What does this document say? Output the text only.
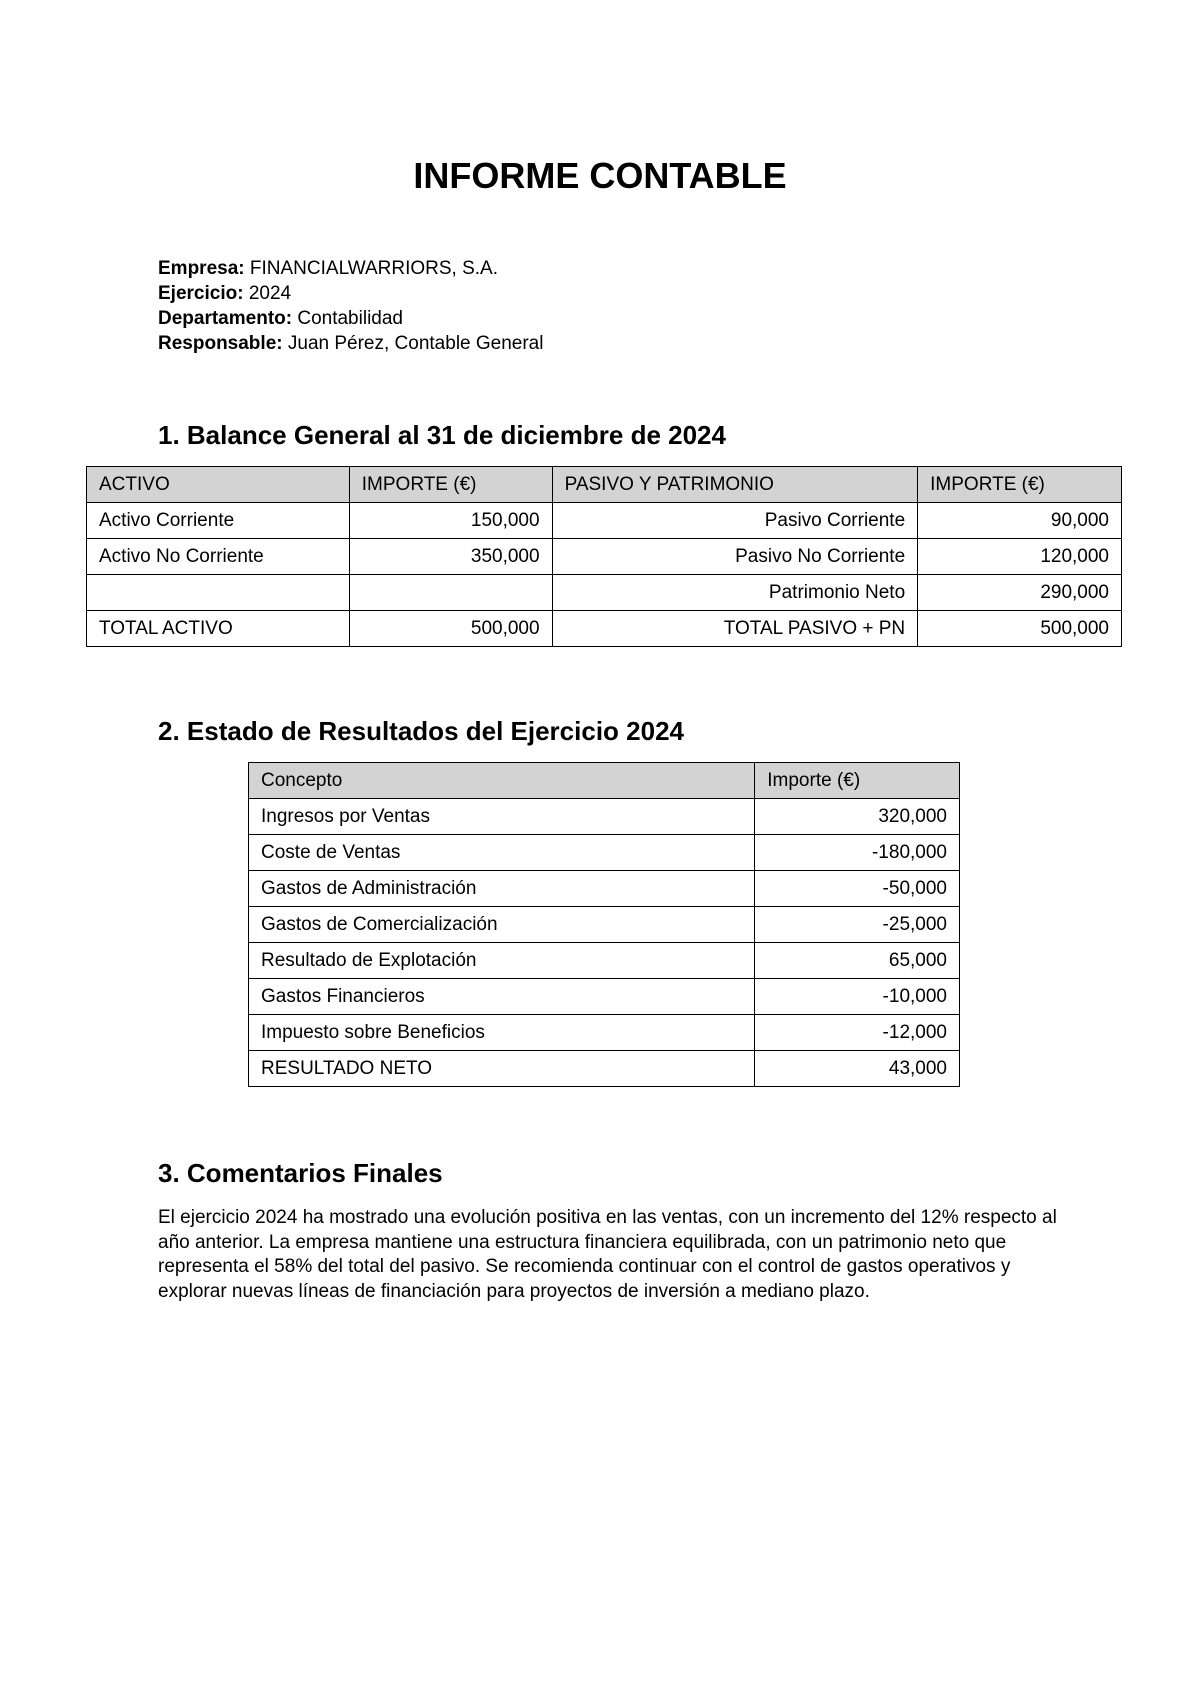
INFORME CONTABLE
Empresa: FINANCIALWARRIORS, S.A.
Ejercicio: 2024
Departamento: Contabilidad
Responsable: Juan Pérez, Contable General
1. Balance General al 31 de diciembre de 2024
ACTIVO	IMPORTE (€)	PASIVO Y PATRIMONIO	IMPORTE (€)
Activo Corriente	150,000	Pasivo Corriente	90,000
Activo No Corriente	350,000	Pasivo No Corriente	120,000
		Patrimonio Neto	290,000
TOTAL ACTIVO	500,000	TOTAL PASIVO + PN	500,000
2. Estado de Resultados del Ejercicio 2024
Concepto	Importe (€)
Ingresos por Ventas	320,000
Coste de Ventas	-180,000
Gastos de Administración	-50,000
Gastos de Comercialización	-25,000
Resultado de Explotación	65,000
Gastos Financieros	-10,000
Impuesto sobre Beneficios	-12,000
RESULTADO NETO	43,000
3. Comentarios Finales

El ejercicio 2024 ha mostrado una evolución positiva en las ventas, con un incremento del 12% respecto al año anterior. La empresa mantiene una estructura financiera equilibrada, con un patrimonio neto que representa el 58% del total del pasivo. Se recomienda continuar con el control de gastos operativos y explorar nuevas líneas de financiación para proyectos de inversión a mediano plazo.
